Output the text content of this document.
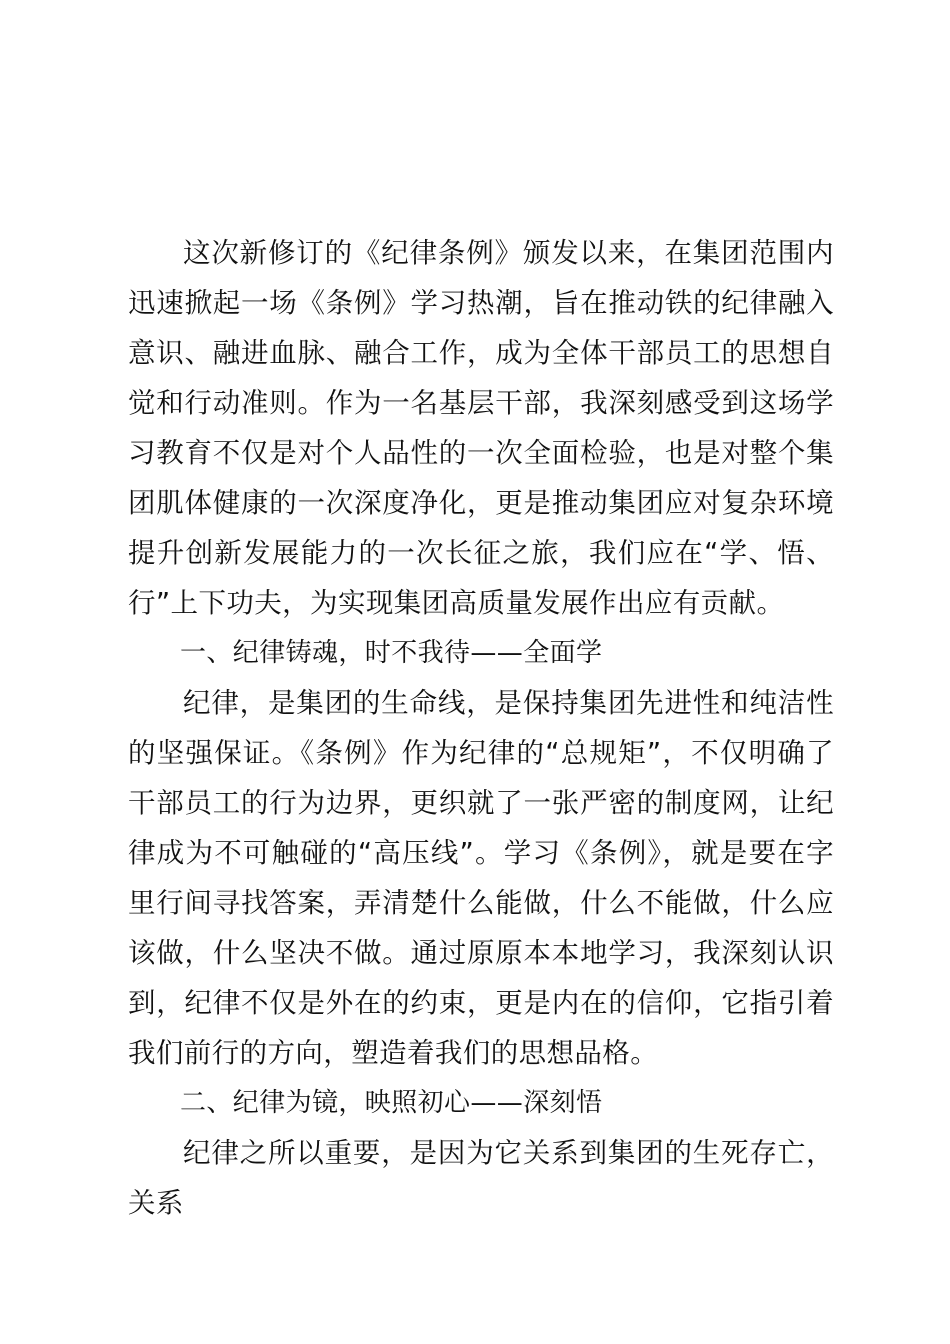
这次新修订的《纪律条例》颁发以来，在集团范围内迅速掀起一场《条例》学习热潮，旨在推动铁的纪律融入意识、融进血脉、融合工作，成为全体干部员工的思想自觉和行动准则。作为一名基层干部，我深刻感受到这场学习教育不仅是对个人品性的一次全面检验，也是对整个集团肌体健康的一次深度净化，更是推动集团应对复杂环境提升创新发展能力的一次长征之旅，我们应在“学、悟、行”上下功夫，为实现集团高质量发展作出应有贡献。

一、纪律铸魂，时不我待——全面学

纪律，是集团的生命线，是保持集团先进性和纯洁性的坚强保证。《条例》作为纪律的“总规矩”，不仅明确了干部员工的行为边界，更织就了一张严密的制度网，让纪律成为不可触碰的“高压线”。学习《条例》，就是要在字里行间寻找答案，弄清楚什么能做，什么不能做，什么应该做，什么坚决不做。通过原原本本地学习，我深刻认识到，纪律不仅是外在的约束，更是内在的信仰，它指引着我们前行的方向，塑造着我们的思想品格。

二、纪律为镜，映照初心——深刻悟

纪律之所以重要，是因为它关系到集团的生死存亡，关系
